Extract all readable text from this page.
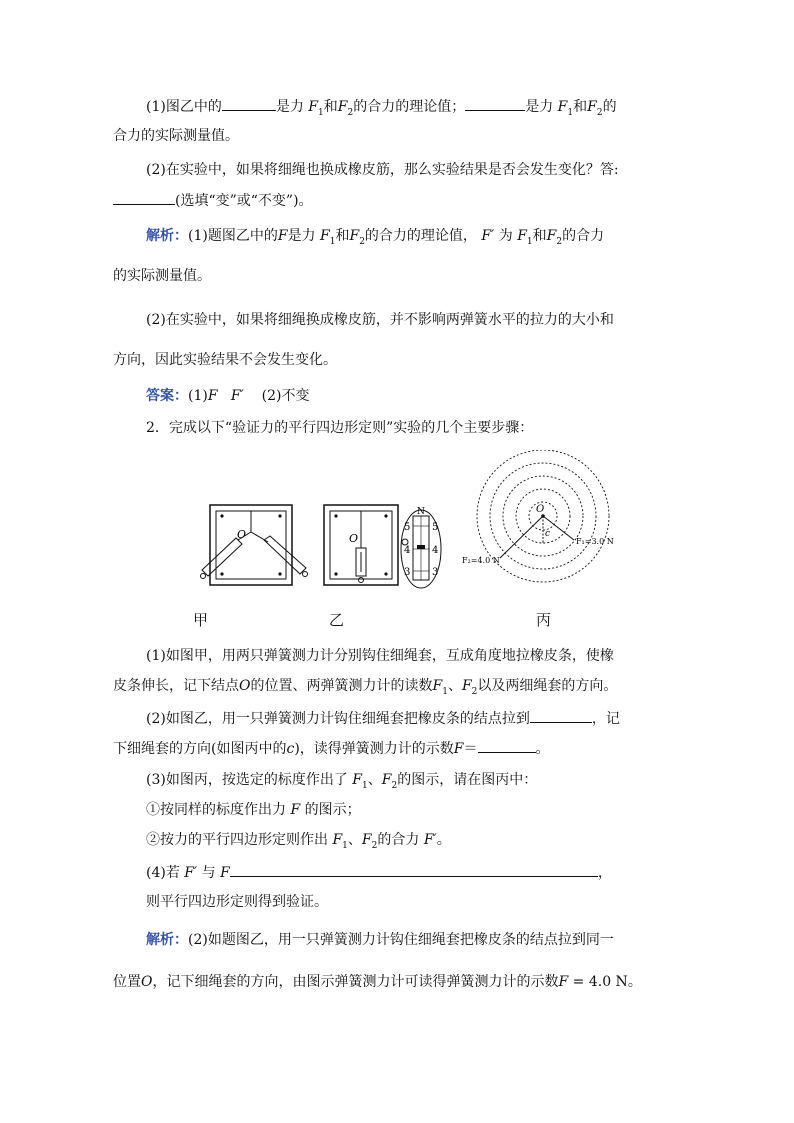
(1)图乙中的	是力 $F_1$和$F_2$的合力的理论值；	是力 $F_1$和$F_2$的
合力的实际测量值。
(2)在实验中，如果将细绳也换成橡皮筋，那么实验结果是否会发生变化？答:
(选填“变”或“不变”)。
解析：(1)题图乙中的F是力 $F_1$和$F_2$的合力的理论值， F′ 为 $F_1$和$F_2$的合力
的实际测量值。
(2)在实验中，如果将细绳换成橡皮筋，并不影响两弹簧水平的拉力的大小和
方向，因此实验结果不会发生变化。
答案：(1)F F′ (2)不变
2．完成以下“验证力的平行四边形定则”实验的几个主要步骤：
O	O
N
5
4
3
5
4
3
O
c
F₁=3.0 N
F₂=4.0 N
甲	乙	丙
(1)如图甲，用两只弹簧测力计分别钩住细绳套，互成角度地拉橡皮条，使橡
皮条伸长，记下结点O的位置、两弹簧测力计的读数$F_1$、$F_2$以及两细绳套的方向。
(2)如图乙，用一只弹簧测力计钩住细绳套把橡皮条的结点拉到	，记
下细绳套的方向(如图丙中的c)，读得弹簧测力计的示数F＝	。
(3)如图丙，按选定的标度作出了 $F_1$、$F_2$的图示，请在图丙中：
①按同样的标度作出力 F 的图示；
②按力的平行四边形定则作出 $F_1$、$F_2$的合力 F′。
(4)若 F′ 与 F	，
则平行四边形定则得到验证。
解析：(2)如题图乙，用一只弹簧测力计钩住细绳套把橡皮条的结点拉到同一
位置O，记下细绳套的方向，由图示弹簧测力计可读得弹簧测力计的示数F = 4.0 N。
